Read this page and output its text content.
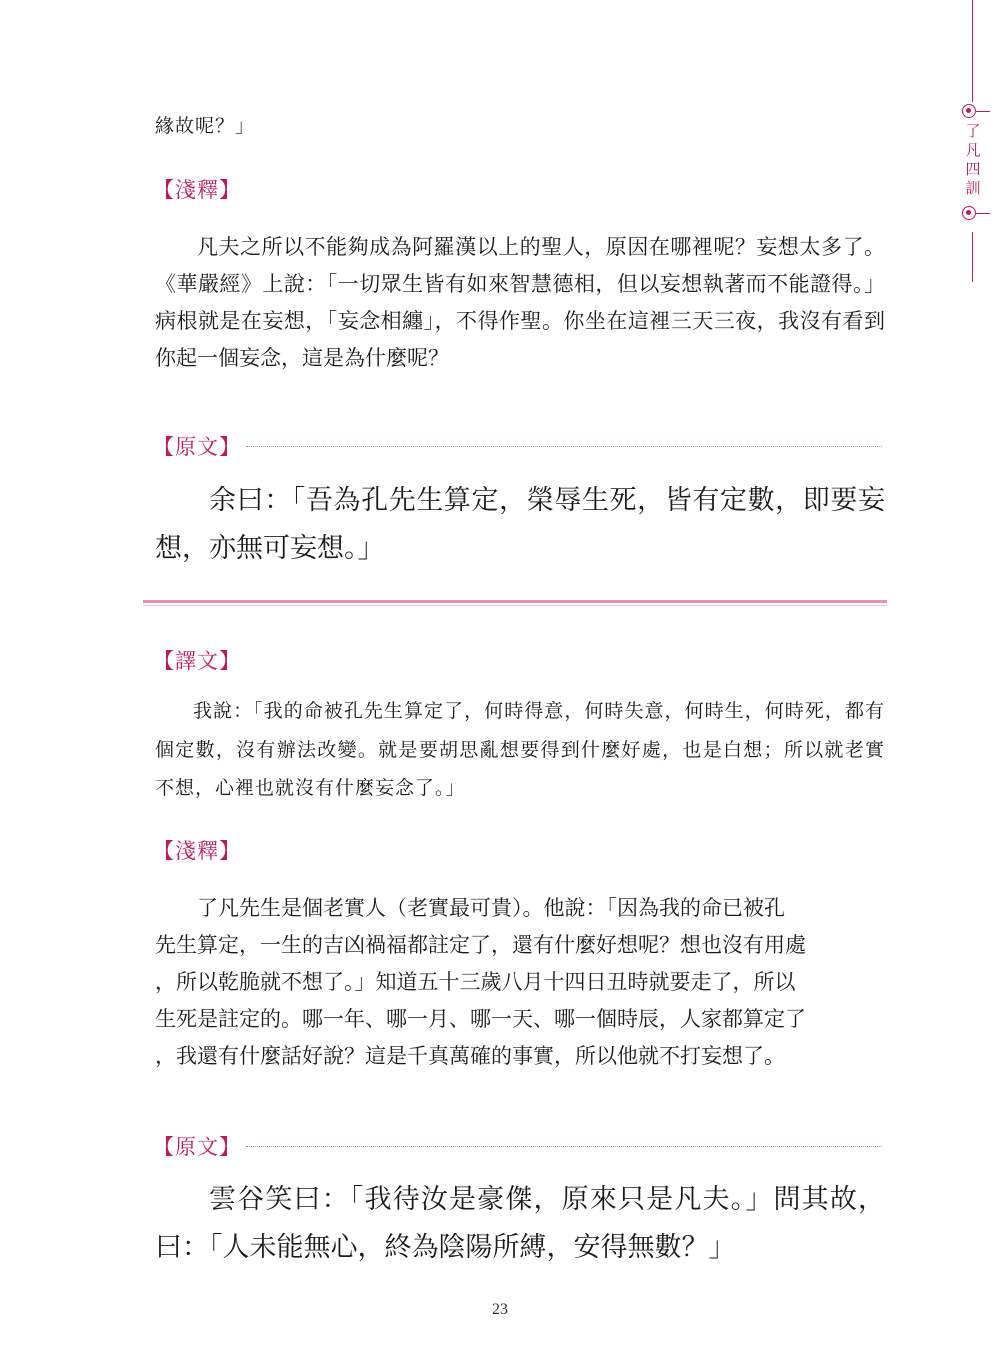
了凡四訓

緣故呢？」

【淺釋】

凡夫之所以不能夠成為阿羅漢以上的聖人，原因在哪裡呢？妄想太多了。《華嚴經》上說：「一切眾生皆有如來智慧德相，但以妄想執著而不能證得。」病根就是在妄想，「妄念相纏」，不得作聖。你坐在這裡三天三夜，我沒有看到你起一個妄念，這是為什麼呢？

【原文】

余曰：「吾為孔先生算定，榮辱生死，皆有定數，即要妄想，亦無可妄想。」

【譯文】

我說：「我的命被孔先生算定了，何時得意，何時失意，何時生，何時死，都有個定數，沒有辦法改變。就是要胡思亂想要得到什麼好處，也是白想；所以就老實不想，心裡也就沒有什麼妄念了。」

【淺釋】

了凡先生是個老實人（老實最可貴）。他說：「因為我的命已被孔
先生算定，一生的吉凶禍福都註定了，還有什麼好想呢？想也沒有用處
，所以乾脆就不想了。」知道五十三歲八月十四日丑時就要走了，所以
生死是註定的。哪一年、哪一月、哪一天、哪一個時辰，人家都算定了
，我還有什麼話好說？這是千真萬確的事實，所以他就不打妄想了。

【原文】

雲谷笑曰：「我待汝是豪傑，原來只是凡夫。」問其故，曰：「人未能無心，終為陰陽所縛，安得無數？」

23
